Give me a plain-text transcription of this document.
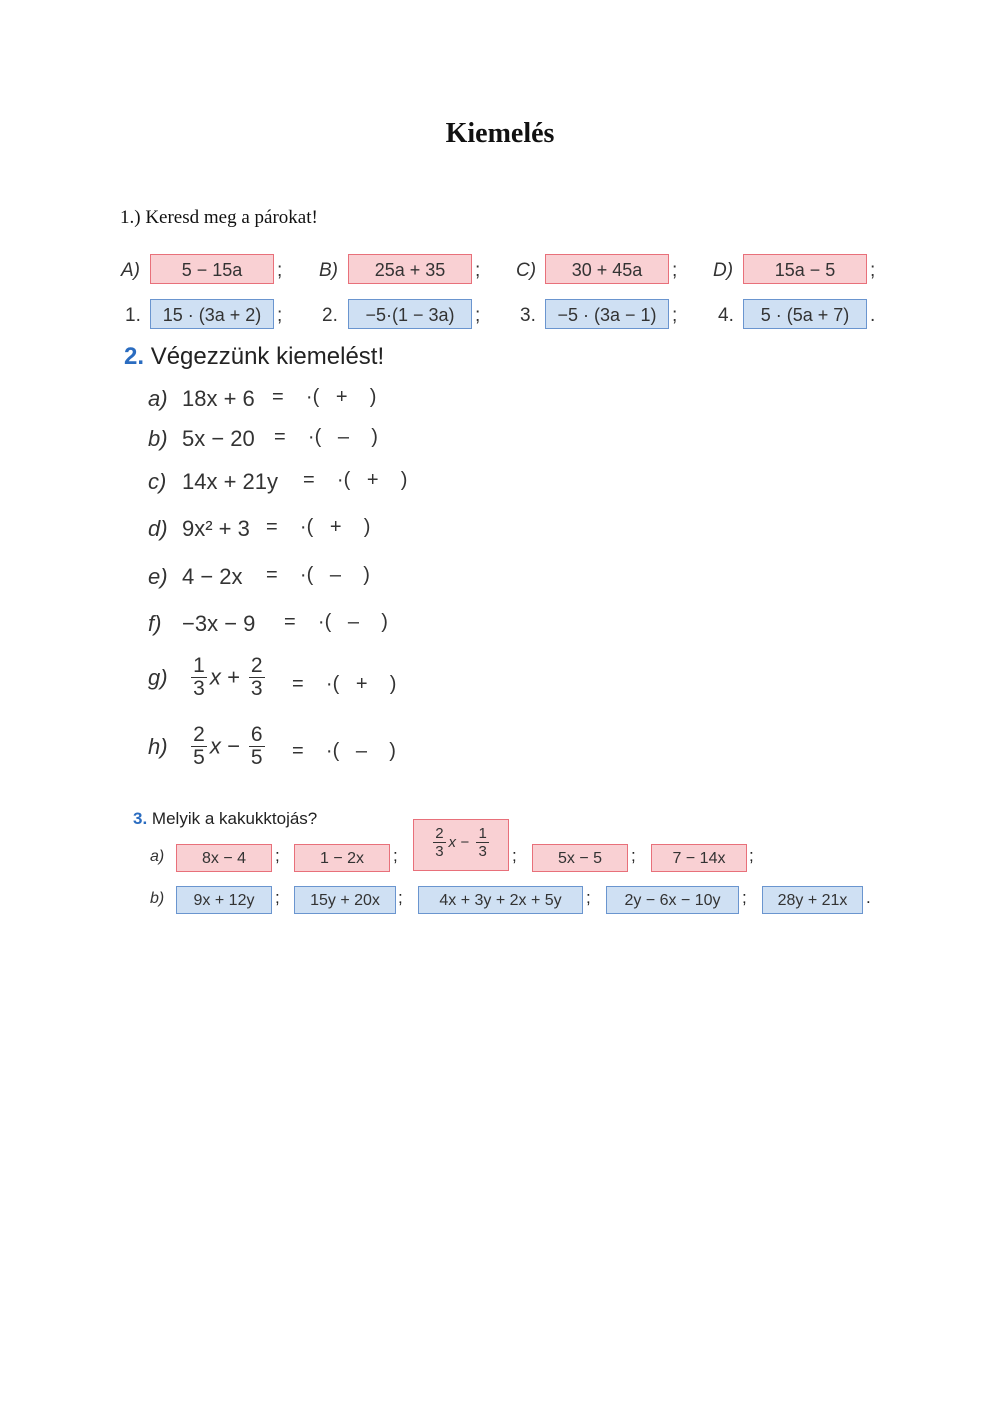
Kiemelés
1.) Keresd meg a párokat!
A)	5 − 15a	; B)	25a + 35	; C)	30 + 45a	; D)	15a − 5	;
1.	15 · (3a + 2) ; 2.	−5·(1 − 3a)	; 3.	−5 · (3a − 1) ; 4.	5 · (5a + 7)	.
2. Végezzünk kiemelést!
a) 18x + 6 =    ·(   +    )
b) 5x − 20 =    ·(   –    )
c) 14x + 21y =    ·(   +    )
d) 9x² + 3 =    ·(   +    )
e) 4 − 2x =    ·(   –    )
f) −3x − 9 =    ·(   –    )
$g) \frac{1}{3}$ $x + \frac{2}{3}$ =    ·(   +    )
$h) \frac{2}{5}$ $x - \frac{6}{5}$ =    ·(   –    )
3. Melyik a kakukktojás?
a)	8x − 4	;	1 − 2x	; $\frac{2}{3}$ $x - \frac{1}{3}$ ;	5x − 5	;	7 − 14x	;
b)	9x + 12y	;	15y + 20x	;	4x + 3y + 2x + 5y	;	2y − 6x − 10y	;	28y + 21x	.
